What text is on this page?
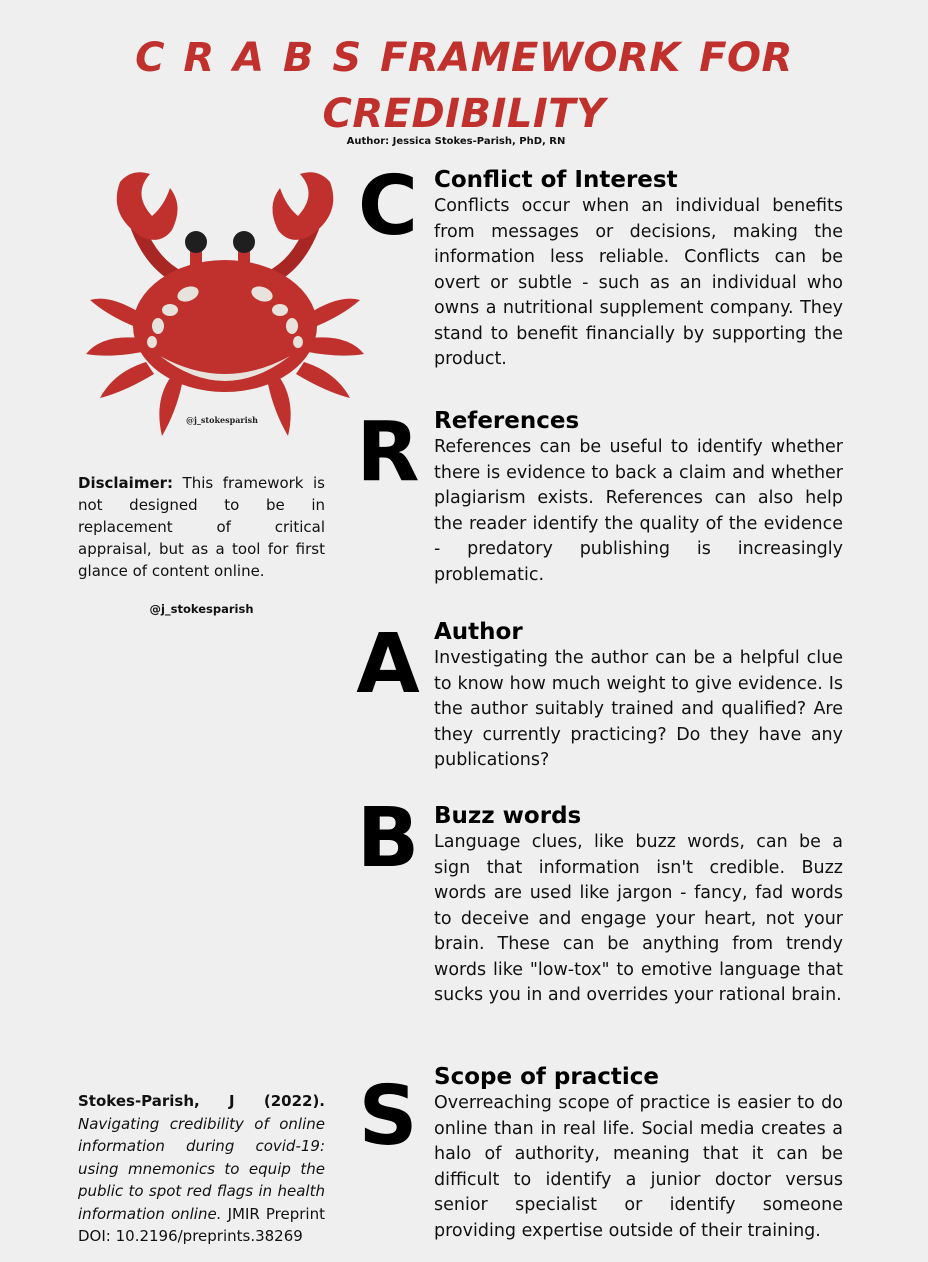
C R A B S FRAMEWORK FOR
CREDIBILITY
Author: Jessica Stokes-Parish, PhD, RN
@j_stokesparish
Disclaimer: This framework is not designed to be in replacement of critical appraisal, but as a tool for first glance of content online.
@j_stokesparish
Stokes-Parish, J (2022). Navigating credibility of online information during covid-19: using mnemonics to equip the public to spot red flags in health information online. JMIR Preprint DOI: 10.2196/preprints.38269
C Conflict of Interest

Conflicts occur when an individual benefits from messages or decisions, making the information less reliable. Conflicts can be overt or subtle - such as an individual who owns a nutritional supplement company. They stand to benefit financially by supporting the product.

R References

References can be useful to identify whether there is evidence to back a claim and whether plagiarism exists. References can also help the reader identify the quality of the evidence - predatory publishing is increasingly problematic.

A Author

Investigating the author can be a helpful clue to know how much weight to give evidence. Is the author suitably trained and qualified? Are they currently practicing? Do they have any publications?

B Buzz words

Language clues, like buzz words, can be a sign that information isn't credible. Buzz words are used like jargon - fancy, fad words to deceive and engage your heart, not your brain. These can be anything from trendy words like "low-tox" to emotive language that sucks you in and overrides your rational brain.

S Scope of practice

Overreaching scope of practice is easier to do online than in real life. Social media creates a halo of authority, meaning that it can be difficult to identify a junior doctor versus senior specialist or identify someone providing expertise outside of their training.
